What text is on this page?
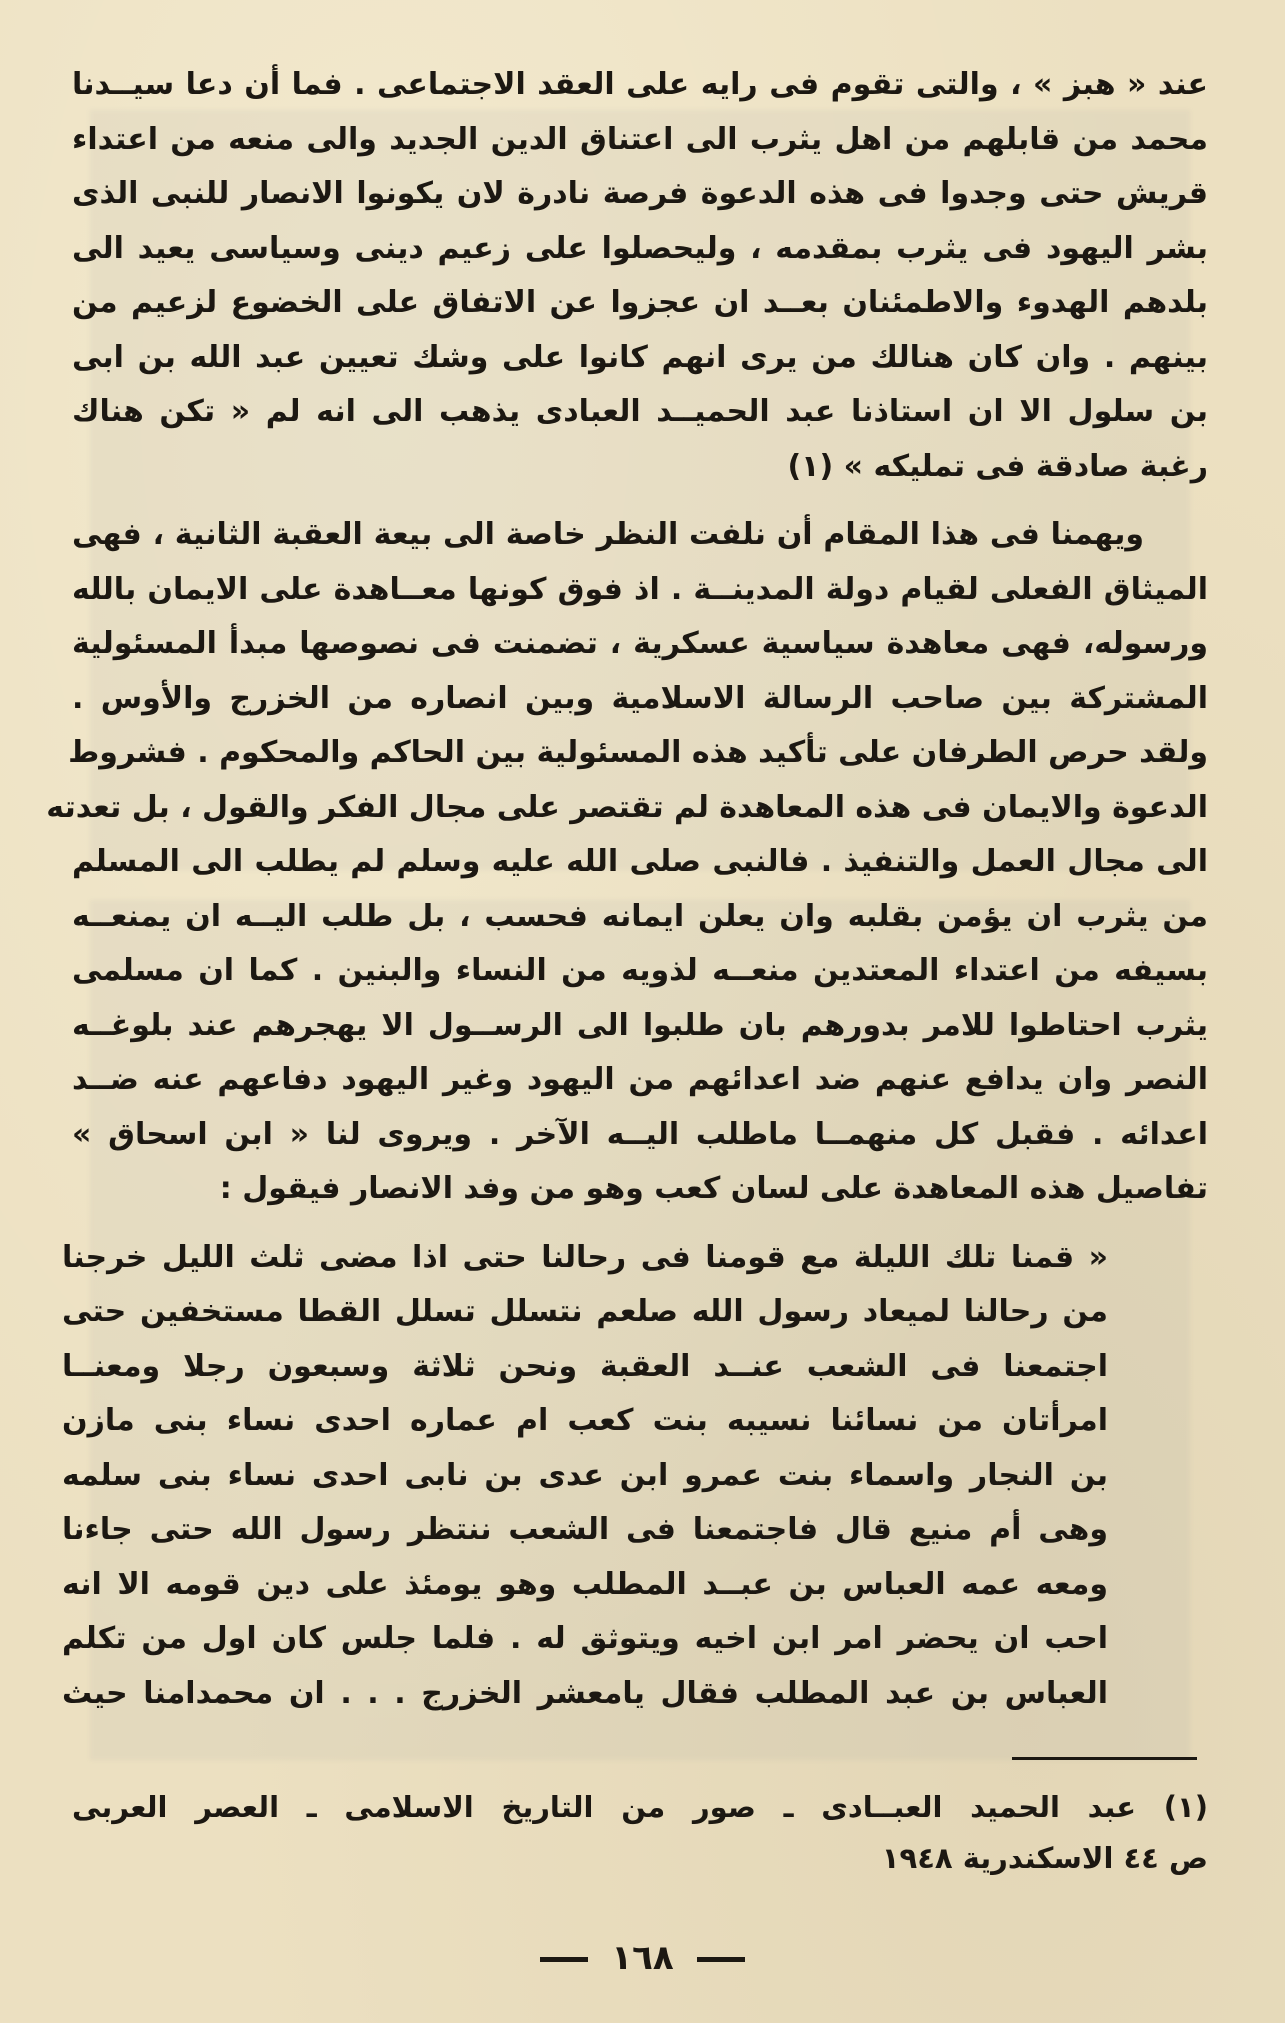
عند « هبز » ، والتى تقوم فى رايه على العقد الاجتماعى . فما أن دعا سيــدنا
محمد من قابلهم من اهل يثرب الى اعتناق الدين الجديد والى منعه من اعتداء
قريش حتى وجدوا فى هذه الدعوة فرصة نادرة لان يكونوا الانصار للنبى الذى
بشر اليهود فى يثرب بمقدمه ، وليحصلوا على زعيم دينى وسياسى يعيد الى
بلدهم الهدوء والاطمئنان بعــد ان عجزوا عن الاتفاق على الخضوع لزعيم من
بينهم . وان كان هنالك من يرى انهم كانوا على وشك تعيين عبد الله بن ابى
بن سلول الا ان استاذنا عبد الحميــد العبادى يذهب الى انه لم « تكن هناك
رغبة صادقة فى تمليكه » (١)
ويهمنا فى هذا المقام أن نلفت النظر خاصة الى بيعة العقبة الثانية ، فهى
الميثاق الفعلى لقيام دولة المدينــة . اذ فوق كونها معــاهدة على الايمان بالله
ورسوله، فهى معاهدة سياسية عسكرية ، تضمنت فى نصوصها مبدأ المسئولية
المشتركة بين صاحب الرسالة الاسلامية وبين انصاره من الخزرج والأوس .
ولقد حرص الطرفان على تأكيد هذه المسئولية بين الحاكم والمحكوم . فشروط
الدعوة والايمان فى هذه المعاهدة لم تقتصر على مجال الفكر والقول ، بل تعدته
الى مجال العمل والتنفيذ . فالنبى صلى الله عليه وسلم لم يطلب الى المسلم
من يثرب ان يؤمن بقلبه وان يعلن ايمانه فحسب ، بل طلب اليــه ان يمنعــه
بسيفه من اعتداء المعتدين منعــه لذويه من النساء والبنين . كما ان مسلمى
يثرب احتاطوا للامر بدورهم بان طلبوا الى الرســول الا يهجرهم عند بلوغــه
النصر وان يدافع عنهم ضد اعدائهم من اليهود وغير اليهود دفاعهم عنه ضــد
اعدائه . فقبل كل منهمــا ماطلب اليــه الآخر . ويروى لنا « ابن اسحاق »
تفاصيل هذه المعاهدة على لسان كعب وهو من وفد الانصار فيقول :
« قمنا تلك الليلة مع قومنا فى رحالنا حتى اذا مضى ثلث الليل خرجنا
من رحالنا لميعاد رسول الله صلعم نتسلل تسلل القطا مستخفين حتى
اجتمعنا فى الشعب عنــد العقبة ونحن ثلاثة وسبعون رجلا ومعنــا
امرأتان من نسائنا نسيبه بنت كعب ام عماره احدى نساء بنى مازن
بن النجار واسماء بنت عمرو ابن عدى بن نابى احدى نساء بنى سلمه
وهى أم منيع قال فاجتمعنا فى الشعب ننتظر رسول الله حتى جاءنا
ومعه عمه العباس بن عبــد المطلب وهو يومئذ على دين قومه الا انه
احب ان يحضر امر ابن اخيه ويتوثق له . فلما جلس كان اول من تكلم
العباس بن عبد المطلب فقال يامعشر الخزرج . . . ان محمدامنا حيث
(١) عبد الحميد العبــادى ـ صور من التاريخ الاسلامى ـ العصر العربى
ص ٤٤ الاسكندرية ١٩٤٨
١٦٨
